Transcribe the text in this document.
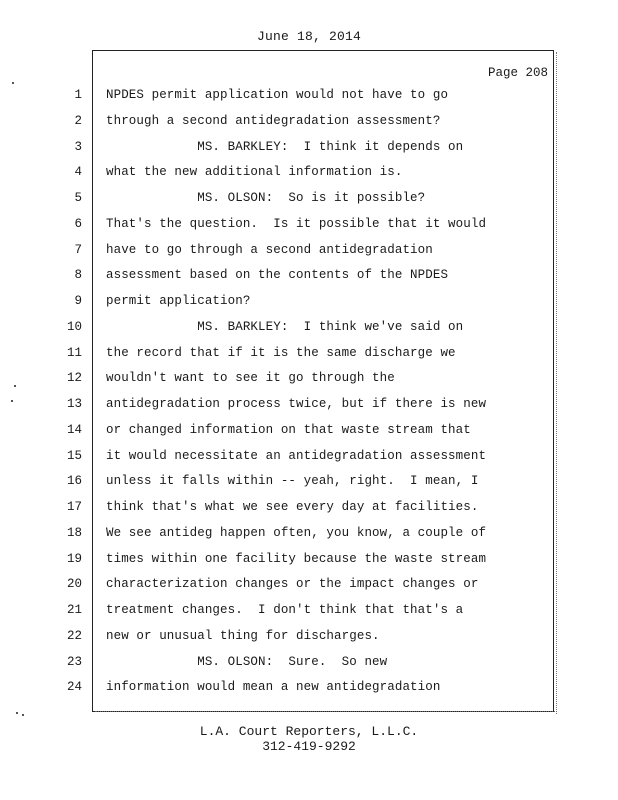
June 18, 2014
Page 208
1 NPDES permit application would not have to go
2 through a second antidegradation assessment?
3 MS. BARKLEY:  I think it depends on
4 what the new additional information is.
5 MS. OLSON:  So is it possible?
6 That's the question.  Is it possible that it would
7 have to go through a second antidegradation
8 assessment based on the contents of the NPDES
9 permit application?
10 MS. BARKLEY:  I think we've said on
11 the record that if it is the same discharge we
12 wouldn't want to see it go through the
13 antidegradation process twice, but if there is new
14 or changed information on that waste stream that
15 it would necessitate an antidegradation assessment
16 unless it falls within -- yeah, right.  I mean, I
17 think that's what we see every day at facilities.
18 We see antideg happen often, you know, a couple of
19 times within one facility because the waste stream
20 characterization changes or the impact changes or
21 treatment changes.  I don't think that that's a
22 new or unusual thing for discharges.
23 MS. OLSON:  Sure.  So new
24 information would mean a new antidegradation
L.A. Court Reporters, L.L.C.
312-419-9292
